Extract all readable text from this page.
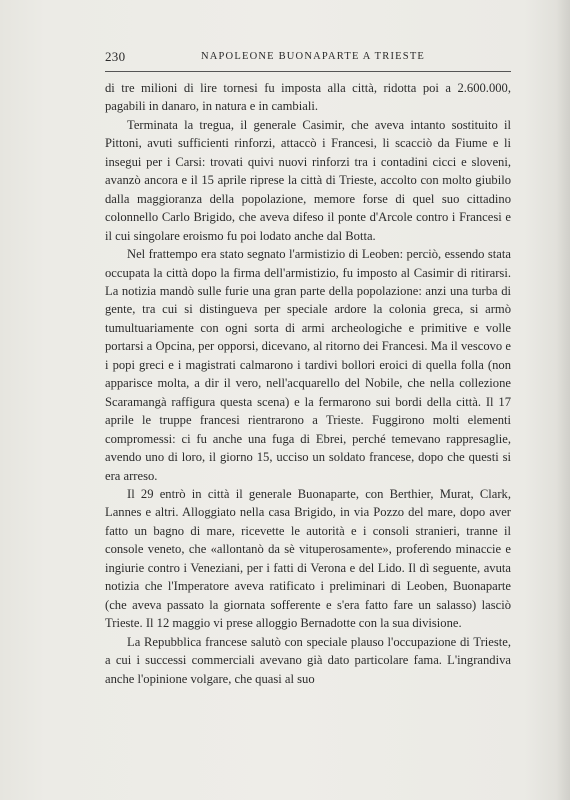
230	NAPOLEONE BUONAPARTE A TRIESTE

di tre milioni di lire tornesi fu imposta alla città, ridotta poi a 2.600.000, pagabili in danaro, in natura e in cambiali.

Terminata la tregua, il generale Casimir, che aveva intanto sostituito il Pittoni, avuti sufficienti rinforzi, attaccò i Francesi, li scacciò da Fiume e li insegui per i Carsi: trovati quivi nuovi rinforzi tra i contadini cicci e sloveni, avanzò ancora e il 15 aprile riprese la città di Trieste, accolto con molto giubilo dalla maggioranza della popolazione, memore forse di quel suo cittadino colonnello Carlo Brigido, che aveva difeso il ponte d'Arcole contro i Francesi e il cui singolare eroismo fu poi lodato anche dal Botta.

Nel frattempo era stato segnato l'armistizio di Leoben: perciò, essendo stata occupata la città dopo la firma dell'armistizio, fu imposto al Casimir di ritirarsi. La notizia mandò sulle furie una gran parte della popolazione: anzi una turba di gente, tra cui si distingueva per speciale ardore la colonia greca, si armò tumultuariamente con ogni sorta di armi archeologiche e primitive e volle portarsi a Opcina, per opporsi, dicevano, al ritorno dei Francesi. Ma il vescovo e i popi greci e i magistrati calmarono i tardivi bollori eroici di quella folla (non apparisce molta, a dir il vero, nell'acquarello del Nobile, che nella collezione Scaramangà raffigura questa scena) e la fermarono sui bordi della città. Il 17 aprile le truppe francesi rientrarono a Trieste. Fuggirono molti elementi compromessi: ci fu anche una fuga di Ebrei, perché temevano rappresaglie, avendo uno di loro, il giorno 15, ucciso un soldato francese, dopo che questi si era arreso.

Il 29 entrò in città il generale Buonaparte, con Berthier, Murat, Clark, Lannes e altri. Alloggiato nella casa Brigido, in via Pozzo del mare, dopo aver fatto un bagno di mare, ricevette le autorità e i consoli stranieri, tranne il console veneto, che «allontanò da sè vituperosamente», proferendo minaccie e ingiurie contro i Veneziani, per i fatti di Verona e del Lido. Il dì seguente, avuta notizia che l'Imperatore aveva ratificato i preliminari di Leoben, Buonaparte (che aveva passato la giornata sofferente e s'era fatto fare un salasso) lasciò Trieste. Il 12 maggio vi prese alloggio Bernadotte con la sua divisione.

La Repubblica francese salutò con speciale plauso l'occupazione di Trieste, a cui i successi commerciali avevano già dato particolare fama. L'ingrandiva anche l'opinione volgare, che quasi al suo
